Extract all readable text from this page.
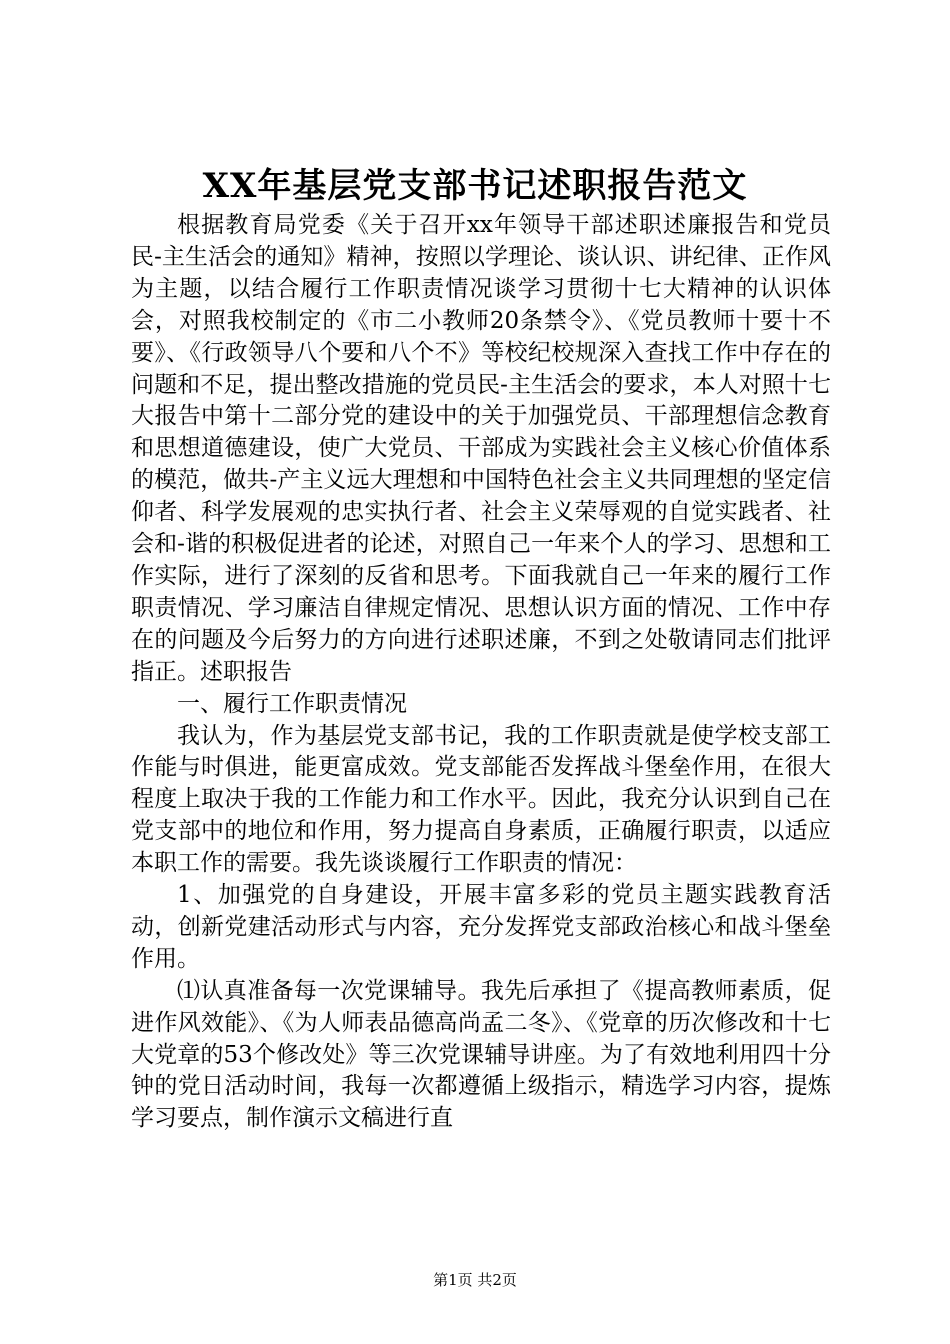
XX年基层党支部书记述职报告范文

根据教育局党委《关于召开xx年领导干部述职述廉报告和党员民-主生活会的通知》精神，按照以学理论、谈认识、讲纪律、正作风为主题，以结合履行工作职责情况谈学习贯彻十七大精神的认识体会，对照我校制定的《市二小教师20条禁令》、《党员教师十要十不要》、《行政领导八个要和八个不》等校纪校规深入查找工作中存在的问题和不足，提出整改措施的党员民-主生活会的要求，本人对照十七大报告中第十二部分党的建设中的关于加强党员、干部理想信念教育和思想道德建设，使广大党员、干部成为实践社会主义核心价值体系的模范，做共-产主义远大理想和中国特色社会主义共同理想的坚定信仰者、科学发展观的忠实执行者、社会主义荣辱观的自觉实践者、社会和-谐的积极促进者的论述，对照自己一年来个人的学习、思想和工作实际，进行了深刻的反省和思考。下面我就自己一年来的履行工作职责情况、学习廉洁自律规定情况、思想认识方面的情况、工作中存在的问题及今后努力的方向进行述职述廉，不到之处敬请同志们批评指正。述职报告

一、履行工作职责情况

我认为，作为基层党支部书记，我的工作职责就是使学校支部工作能与时俱进，能更富成效。党支部能否发挥战斗堡垒作用，在很大程度上取决于我的工作能力和工作水平。因此，我充分认识到自己在党支部中的地位和作用，努力提高自身素质，正确履行职责，以适应本职工作的需要。我先谈谈履行工作职责的情况：

1、加强党的自身建设，开展丰富多彩的党员主题实践教育活动，创新党建活动形式与内容，充分发挥党支部政治核心和战斗堡垒作用。

⑴认真准备每一次党课辅导。我先后承担了《提高教师素质，促进作风效能》、《为人师表品德高尚孟二冬》、《党章的历次修改和十七大党章的53个修改处》等三次党课辅导讲座。为了有效地利用四十分钟的党日活动时间，我每一次都遵循上级指示，精选学习内容，提炼学习要点，制作演示文稿进行直

第1页 共2页
